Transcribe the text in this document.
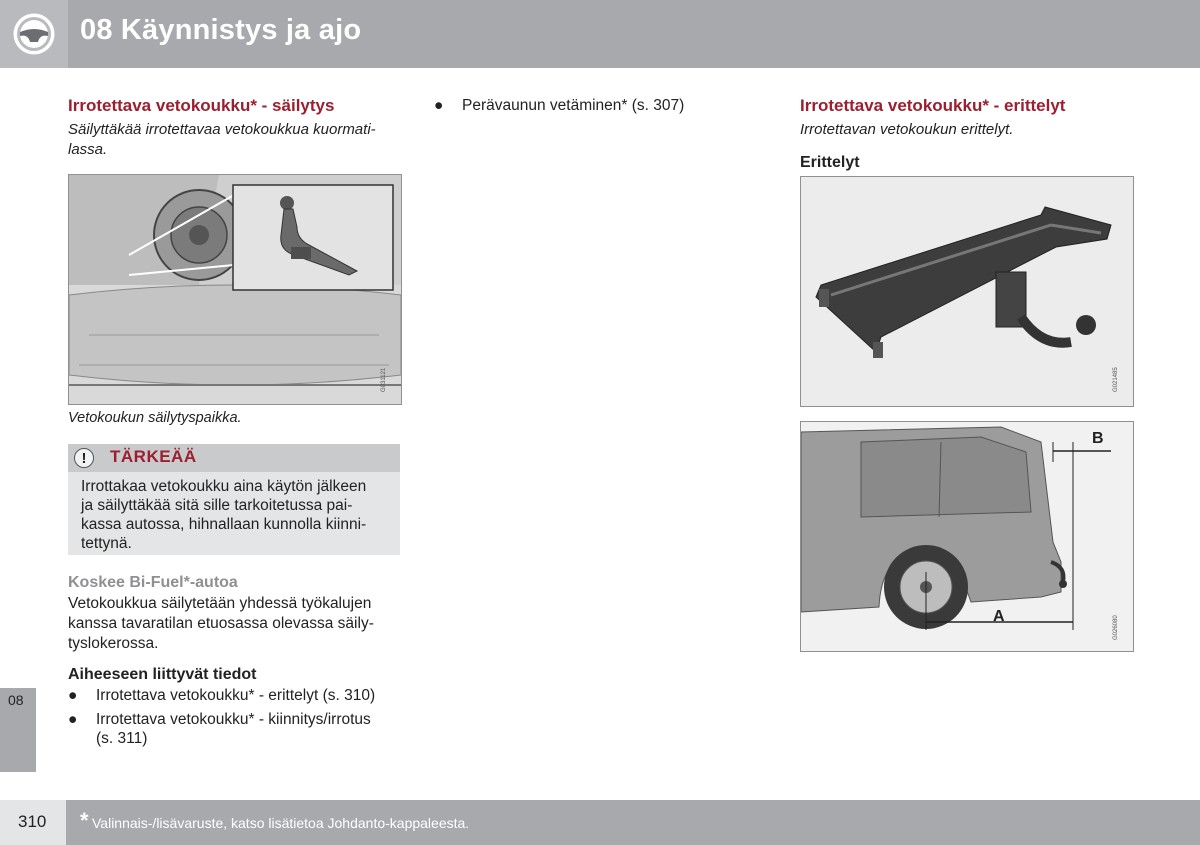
08 Käynnistys ja ajo
Irrotettava vetokoukku* - säilytys

Säilyttäkää irrotettavaa vetokoukkua kuormati-

lassa.

G031121

Vetokoukun säilytyspaikka.

!	TÄRKEÄÄ

Irrottakaa vetokoukku aina käytön jälkeen

ja säilyttäkää sitä sille tarkoitetussa pai-

kassa autossa, hihnallaan kunnolla kiinni-

tettynä.

Koskee Bi-Fuel*-autoa

Vetokoukkua säilytetään yhdessä työkalujen

kanssa tavaratilan etuosassa olevassa säily-

tyslokerossa.

Aiheeseen liittyvät tiedot
● Irrotettava vetokoukku* - erittelyt (s. 310)
● Irrotettava vetokoukku* - kiinnitys/irrotus
(s. 311)
● Perävaunun vetäminen* (s. 307)	Irrotettava vetokoukku* - erittelyt

Irrotettavan vetokoukun erittelyt.

Erittelyt
G021485
G026080
B
A
08
310 * Valinnais-/lisävaruste, katso lisätietoa Johdanto-kappaleesta.
